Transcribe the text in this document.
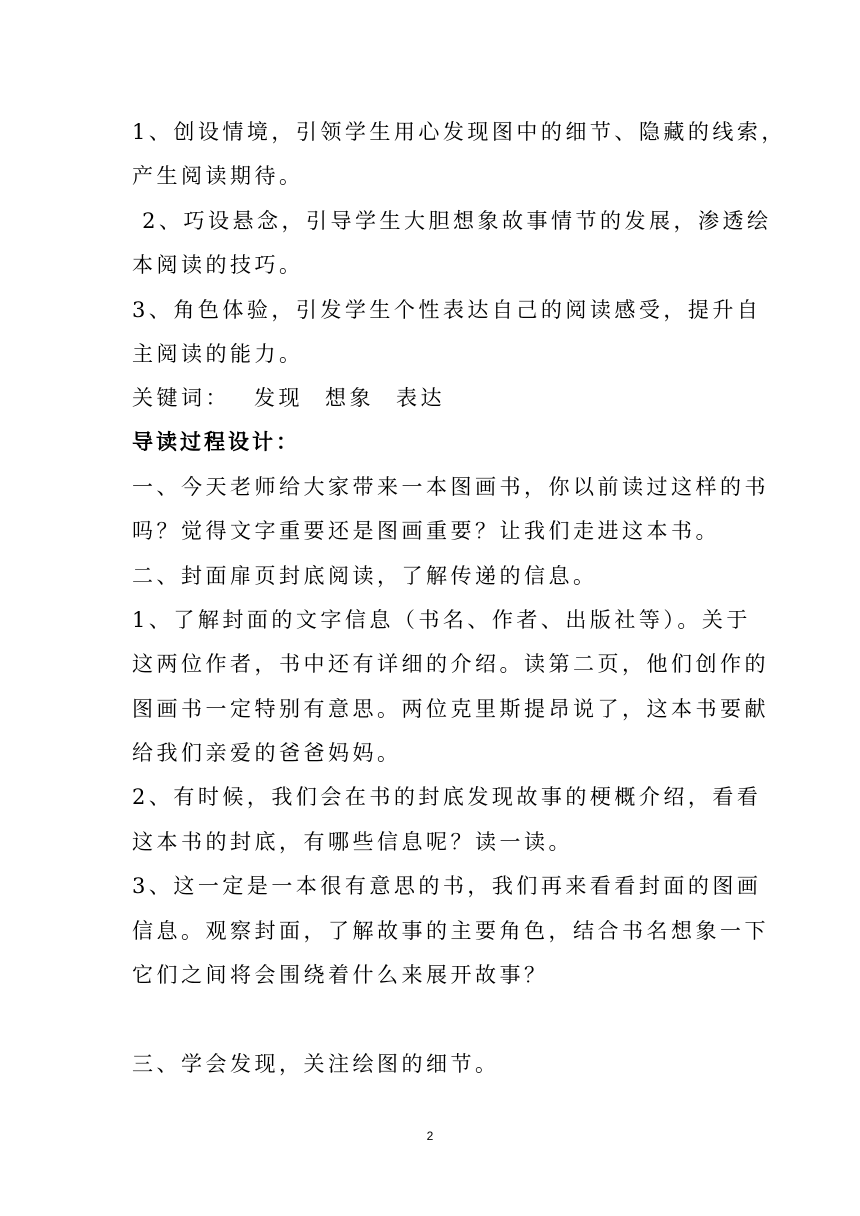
1、创设情境，引领学生用心发现图中的细节、隐藏的线索，
产生阅读期待。
2、巧设悬念，引导学生大胆想象故事情节的发展，渗透绘
本阅读的技巧。
3、角色体验，引发学生个性表达自己的阅读感受，提升自
主阅读的能力。
关键词： 发现 想象 表达
导读过程设计：
一、今天老师给大家带来一本图画书，你以前读过这样的书
吗？觉得文字重要还是图画重要？让我们走进这本书。
二、封面扉页封底阅读，了解传递的信息。
1、了解封面的文字信息（书名、作者、出版社等）。关于
这两位作者，书中还有详细的介绍。读第二页，他们创作的
图画书一定特别有意思。两位克里斯提昂说了，这本书要献
给我们亲爱的爸爸妈妈。
2、有时候，我们会在书的封底发现故事的梗概介绍，看看
这本书的封底，有哪些信息呢？读一读。
3、这一定是一本很有意思的书，我们再来看看封面的图画
信息。观察封面，了解故事的主要角色，结合书名想象一下
它们之间将会围绕着什么来展开故事？
三、学会发现，关注绘图的细节。
2
